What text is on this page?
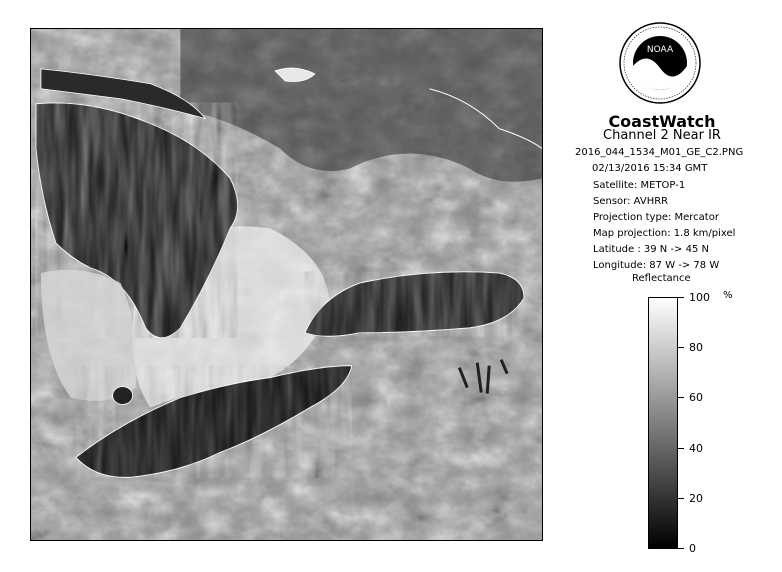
NOAA
CoastWatch
Channel 2 Near IR
2016_044_1534_M01_GE_C2.PNG
02/13/2016 15:34 GMT
Satellite: METOP-1
Sensor: AVHRR
Projection type: Mercator
Map projection: 1.8 km/pixel
Latitude : 39 N -> 45 N
Longitude: 87 W -> 78 W
Reflectance
%
100
80
60
40
20
0
